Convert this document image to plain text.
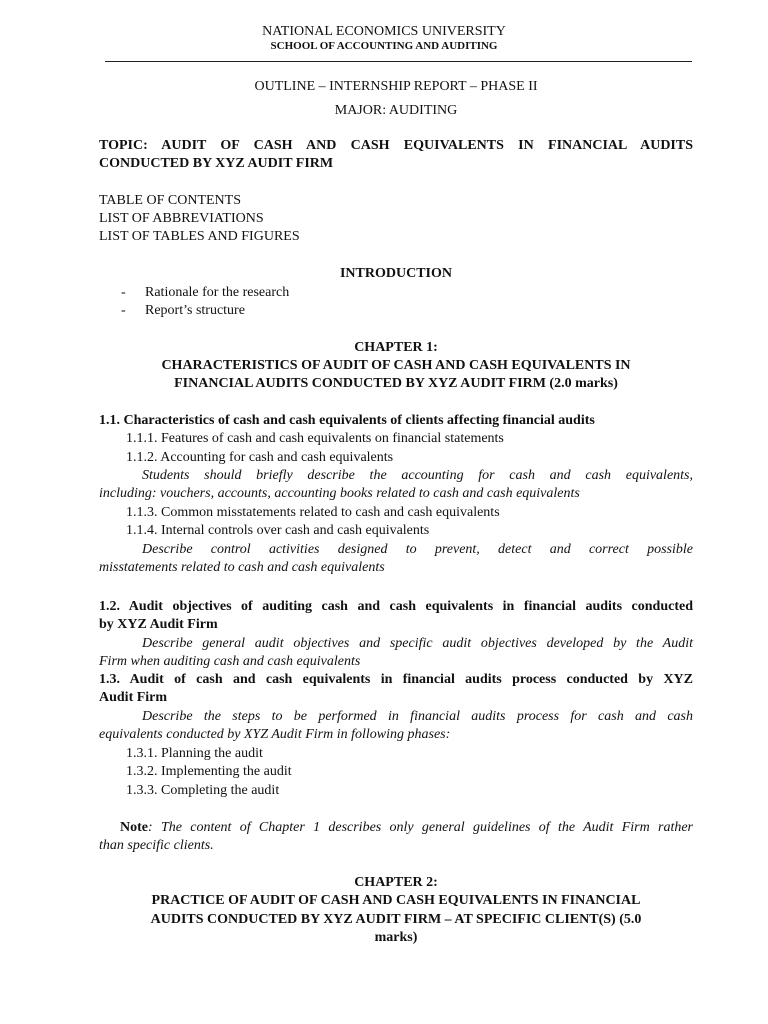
NATIONAL ECONOMICS UNIVERSITY
SCHOOL OF ACCOUNTING AND AUDITING
OUTLINE – INTERNSHIP REPORT – PHASE II
MAJOR: AUDITING
TOPIC: AUDIT OF CASH AND CASH EQUIVALENTS IN FINANCIAL AUDITS
CONDUCTED BY XYZ AUDIT FIRM
TABLE OF CONTENTS
LIST OF ABBREVIATIONS
LIST OF TABLES AND FIGURES
INTRODUCTION
- Rationale for the research
- Report’s structure
CHAPTER 1:
CHARACTERISTICS OF AUDIT OF CASH AND CASH EQUIVALENTS IN
FINANCIAL AUDITS CONDUCTED BY XYZ AUDIT FIRM (2.0 marks)
1.1. Characteristics of cash and cash equivalents of clients affecting financial audits
1.1.1. Features of cash and cash equivalents on financial statements
1.1.2. Accounting for cash and cash equivalents
Students should briefly describe the accounting for cash and cash equivalents,
including: vouchers, accounts, accounting books related to cash and cash equivalents
1.1.3. Common misstatements related to cash and cash equivalents
1.1.4. Internal controls over cash and cash equivalents
Describe control activities designed to prevent, detect and correct possible
misstatements related to cash and cash equivalents
1.2. Audit objectives of auditing cash and cash equivalents in financial audits conducted
by XYZ Audit Firm
Describe general audit objectives and specific audit objectives developed by the Audit
Firm when auditing cash and cash equivalents
1.3. Audit of cash and cash equivalents in financial audits process conducted by XYZ
Audit Firm
Describe the steps to be performed in financial audits process for cash and cash
equivalents conducted by XYZ Audit Firm in following phases:
1.3.1. Planning the audit
1.3.2. Implementing the audit
1.3.3. Completing the audit
Note: The content of Chapter 1 describes only general guidelines of the Audit Firm rather
than specific clients.
CHAPTER 2:
PRACTICE OF AUDIT OF CASH AND CASH EQUIVALENTS IN FINANCIAL
AUDITS CONDUCTED BY XYZ AUDIT FIRM – AT SPECIFIC CLIENT(S) (5.0
marks)
